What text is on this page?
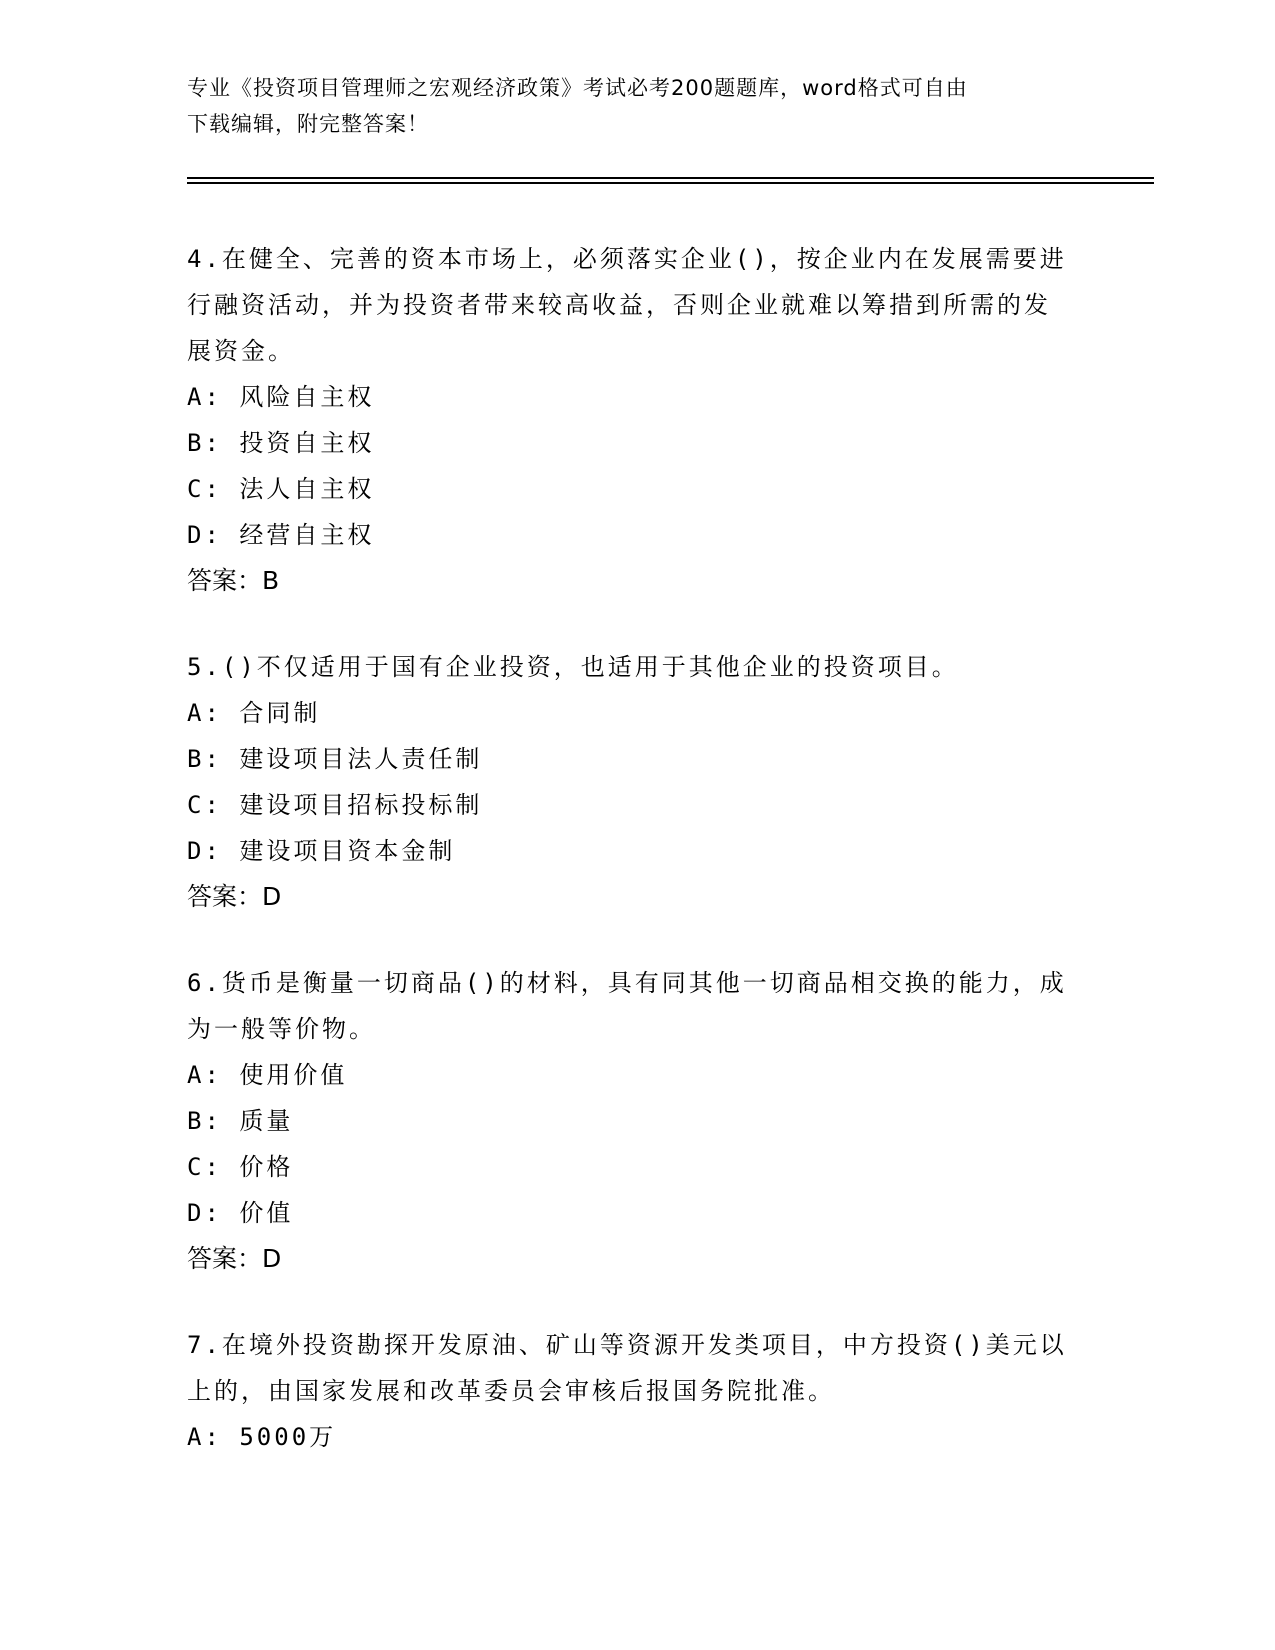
专业《投资项目管理师之宏观经济政策》考试必考200题题库，word格式可自由
下载编辑，附完整答案！
4.在健全、完善的资本市场上，必须落实企业()，按企业内在发展需要进行融资活动，并为投资者带来较高收益，否则企业就难以筹措到所需的发展资金。
A: 风险自主权
B: 投资自主权
C: 法人自主权
D: 经营自主权
答案：B
5.()不仅适用于国有企业投资，也适用于其他企业的投资项目。
A: 合同制
B: 建设项目法人责任制
C: 建设项目招标投标制
D: 建设项目资本金制
答案：D
6.货币是衡量一切商品()的材料，具有同其他一切商品相交换的能力，成为一般等价物。
A: 使用价值
B: 质量
C: 价格
D: 价值
答案：D
7.在境外投资勘探开发原油、矿山等资源开发类项目，中方投资()美元以上的，由国家发展和改革委员会审核后报国务院批准。
A: 5000万
